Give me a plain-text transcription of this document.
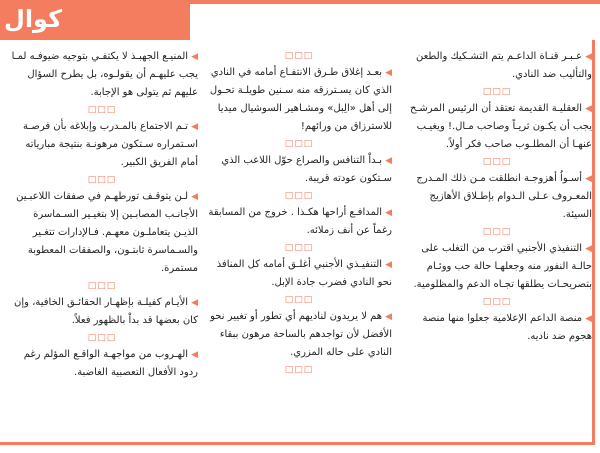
كوال

◀عـبـر قنـاة الداعـم يتم التشـكيك والطعن والتأليب ضد النادي.

□□□

◀العقليـة القديمة تعتقد أن الرئيس المرشـح يجب أن يكـون ثريـاً وصاحب مـال.! ويغيـب عنهـا أن المطلـوب صاحب فكر أولاً.

□□□

◀أسـواُ أهزوجـة انطلقت مـن ذلك المـدرج المعـروف عـلى الـدوام بإطـلاق الأهازيج السيئة.

□□□

◀التنفيذي الأجنبي اقترب من التغلب على حالـة النفور منه وجعلهـا حالة حب ووئـام بتصريحـات يطلقها تجـاه الدعم والمظلومية.

□□□

◀منصة الداعم الإعلامية جعلوا منها منصة هجوم ضد ناديه.

□□□

◀بعـد إغلاق طـرق الانتفـاع أمامه في النادي الذي كان يسـترزقه منه سـنين طويلـة تحـول إلى أهل «الِبل» ومشـاهير السوشيال ميديا للاسترزاق من ورائهم!

□□□

◀بـداْ التنافس والصراع حوّل اللاعب الذي سـتكون عودته قريبة.

□□□

◀المدافـع أراحها هكـذا . خروج من المسابقة رغماً عن أنف زملائه.

□□□

◀التنفيـذي الأجنبي أغلـق أمامه كل المنافذ نحو النادي فضرب جادة الإبل.

□□□

◀هم لا يريدون لناديهم أي تطور أو تغيير نحو الأفضل لأن تواجدهم بالساحة مرهون ببقاء النادي على حاله المزري.

□□□

◀المنيـع الجهبـذ لا يكتفـي بتوجيه ضيوفـه لمـا يجب عليهـم أن يقولـوه، بل يطرح السؤال عليهم ثم يتولى هو الإجابة.

□□□

◀تـم الاجتماع بالمـدرب وإبلاغه بأن فرصـة اسـتمراره سـتكون مرهونـة بنتيجة مبارياته أمام الفريق الكبير.

□□□

◀لـن يتوقـف تورطهـم في صفقات اللاعبـين الأجانـب المصابـين إلا بتغيـير السـماسرة الذيـن يتعاملـون معهـم. فـالإدارات تتغـير والسـماسرة ثابتـون، والصفقات المعطوبة مستمرة.

□□□

◀الأيـام كفيلـة بإظهـار الحقائـق الخافية، وإن كان بعضها قد بداْ بالظهور فعلاً.

□□□

◀الهـروب من مواجهـة الواقـع المؤلم رغم ردود الأفعال التعصبية الغاضبة.
